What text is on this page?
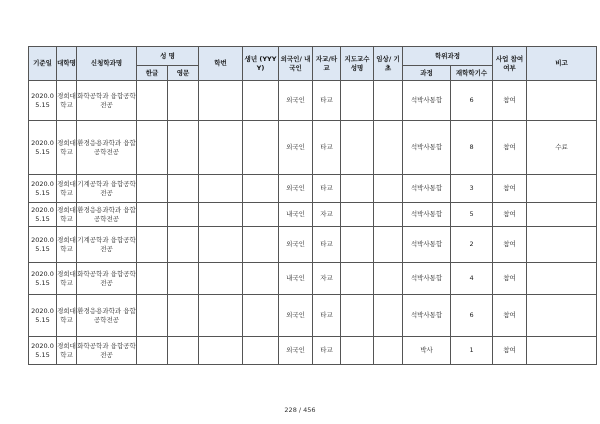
기준일	대학명	신청학과명	성 명		학번	생년 (YYYY)	외국인/ 내국인	자교/타 교	지도교수 성명	임상/ 기초	학위과정		사업 참여 여부	비고
			한글	영문							과정	재학학기수		
2020.05.15	경희대학교	화학공학과 융합공학전공					외국인	타교			석박사통합	6	참여	
2020.05.15	경희대학교	환경응용과학과 융합공학전공					외국인	타교			석박사통합	8	참여	수료
2020.05.15	경희대학교	기계공학과 융합공학전공					외국인	타교			석박사통합	3	참여	
2020.05.15	경희대학교	환경응용과학과 융합공학전공					내국인	자교			석박사통합	5	참여	
2020.05.15	경희대학교	기계공학과 융합공학전공					외국인	타교			석박사통합	2	참여	
2020.05.15	경희대학교	화학공학과 융합공학전공					내국인	자교			석박사통합	4	참여	
2020.05.15	경희대학교	환경응용과학과 융합공학전공					외국인	타교			석박사통합	6	참여	
2020.05.15	경희대학교	화학공학과 융합공학전공					외국인	타교			박사	1	참여	
228 / 456
